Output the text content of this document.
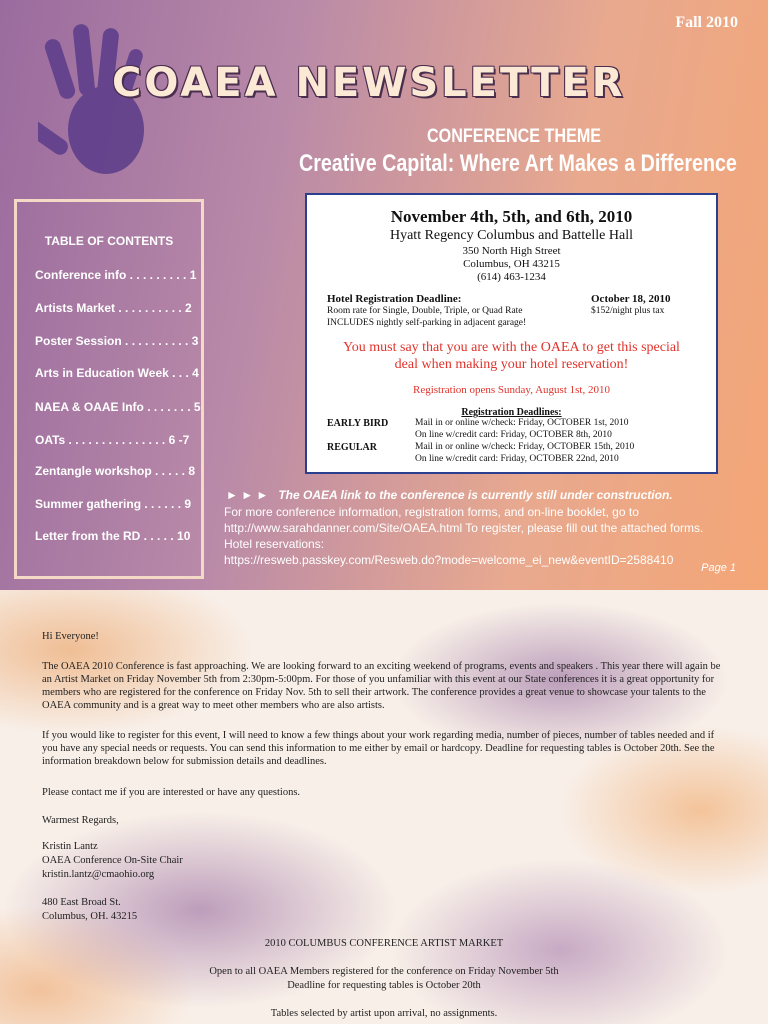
Fall 2010
COAEA NEWSLETTER
CONFERENCE THEME
Creative Capital: Where Art Makes a Difference
TABLE OF CONTENTS
Conference info . . . . . . . . . 1
Artists Market . . . . . . . . . . 2
Poster Session . . . . . . . . . . 3
Arts in Education Week . . . 4
NAEA & OAAE Info . . . . . . . 5
OATs . . . . . . . . . . . . . . . 6 -7
Zentangle workshop . . . . . 8
Summer gathering . . . . . . 9
Letter from the RD . . . . . 10
November 4th, 5th, and 6th, 2010
Hyatt Regency Columbus and Battelle Hall
350 North High Street
Columbus, OH 43215
(614) 463-1234
Hotel Registration Deadline:	October 18, 2010
Room rate for Single, Double, Triple, or Quad Rate	$152/night plus tax
INCLUDES nightly self-parking in adjacent garage!
You must say that you are with the OAEA to get this special
deal when making your hotel reservation!
Registration opens Sunday, August 1st, 2010
Registration Deadlines:
EARLY BIRD	Mail in or online w/check: Friday, OCTOBER 1st, 2010
On line w/credit card: Friday, OCTOBER 8th, 2010
REGULAR	Mail in or online w/check: Friday, OCTOBER 15th, 2010
On line w/credit card: Friday, OCTOBER 22nd, 2010
► ► ► The OAEA link to the conference is currently still under construction.
For more conference information, registration forms, and on-line booklet, go to
http://www.sarahdanner.com/Site/OAEA.html To register, please fill out the attached forms.
Hotel reservations:
https://resweb.passkey.com/Resweb.do?mode=welcome_ei_new&eventID=2588410
Page 1
Hi Everyone!
The OAEA 2010 Conference is fast approaching. We are looking forward to an exciting weekend of programs, events and speakers . This year there will again be an Artist Market on Friday November 5th from 2:30pm-5:00pm. For those of you unfamiliar with this event at our State conferences it is a great opportunity for members who are registered for the conference on Friday Nov. 5th to sell their artwork. The conference provides a great venue to showcase your talents to the OAEA community and is a great way to meet other members who are also artists.
If you would like to register for this event, I will need to know a few things about your work regarding media, number of pieces, number of tables needed and if you have any special needs or requests. You can send this information to me either by email or hardcopy. Deadline for requesting tables is October 20th. See the information breakdown below for submission details and deadlines.
Please contact me if you are interested or have any questions.
Warmest Regards,
Kristin Lantz
OAEA Conference On-Site Chair
kristin.lantz@cmaohio.org
480 East Broad St.
Columbus, OH. 43215
2010 COLUMBUS CONFERENCE ARTIST MARKET
Open to all OAEA Members registered for the conference on Friday November 5th
Deadline for requesting tables is October 20th
Tables selected by artist upon arrival, no assignments.
